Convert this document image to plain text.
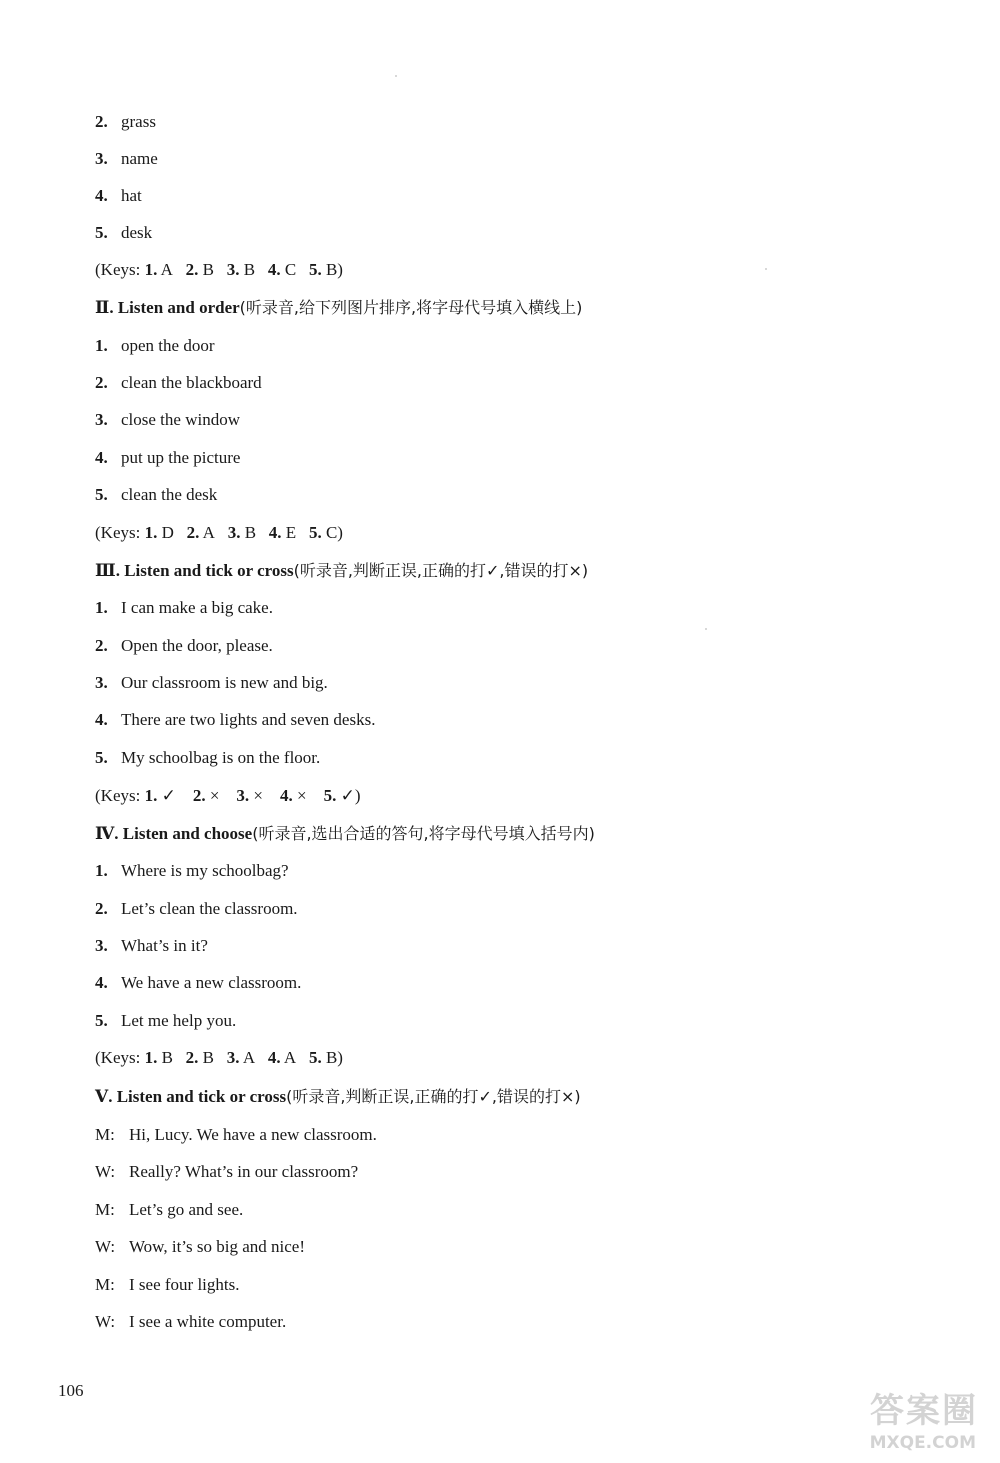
2. grass
3. name
4. hat
5. desk
(Keys: 1. A 2. B 3. B 4. C 5. B)
Ⅱ. Listen and order(听录音,给下列图片排序,将字母代号填入横线上)
1. open the door
2. clean the blackboard
3. close the window
4. put up the picture
5. clean the desk
(Keys: 1. D 2. A 3. B 4. E 5. C)
Ⅲ. Listen and tick or cross(听录音,判断正误,正确的打✓,错误的打×)
1. I can make a big cake.
2. Open the door, please.
3. Our classroom is new and big.
4. There are two lights and seven desks.
5. My schoolbag is on the floor.
(Keys: 1. ✓ 2. × 3. × 4. × 5. ✓)
Ⅳ. Listen and choose(听录音,选出合适的答句,将字母代号填入括号内)
1. Where is my schoolbag?
2. Let’s clean the classroom.
3. What’s in it?
4. We have a new classroom.
5. Let me help you.
(Keys: 1. B 2. B 3. A 4. A 5. B)
Ⅴ. Listen and tick or cross(听录音,判断正误,正确的打✓,错误的打×)
M: Hi, Lucy. We have a new classroom.
W: Really? What’s in our classroom?
M: Let’s go and see.
W: Wow, it’s so big and nice!
M: I see four lights.
W: I see a white computer.
106
答案圈
MXQE.COM
